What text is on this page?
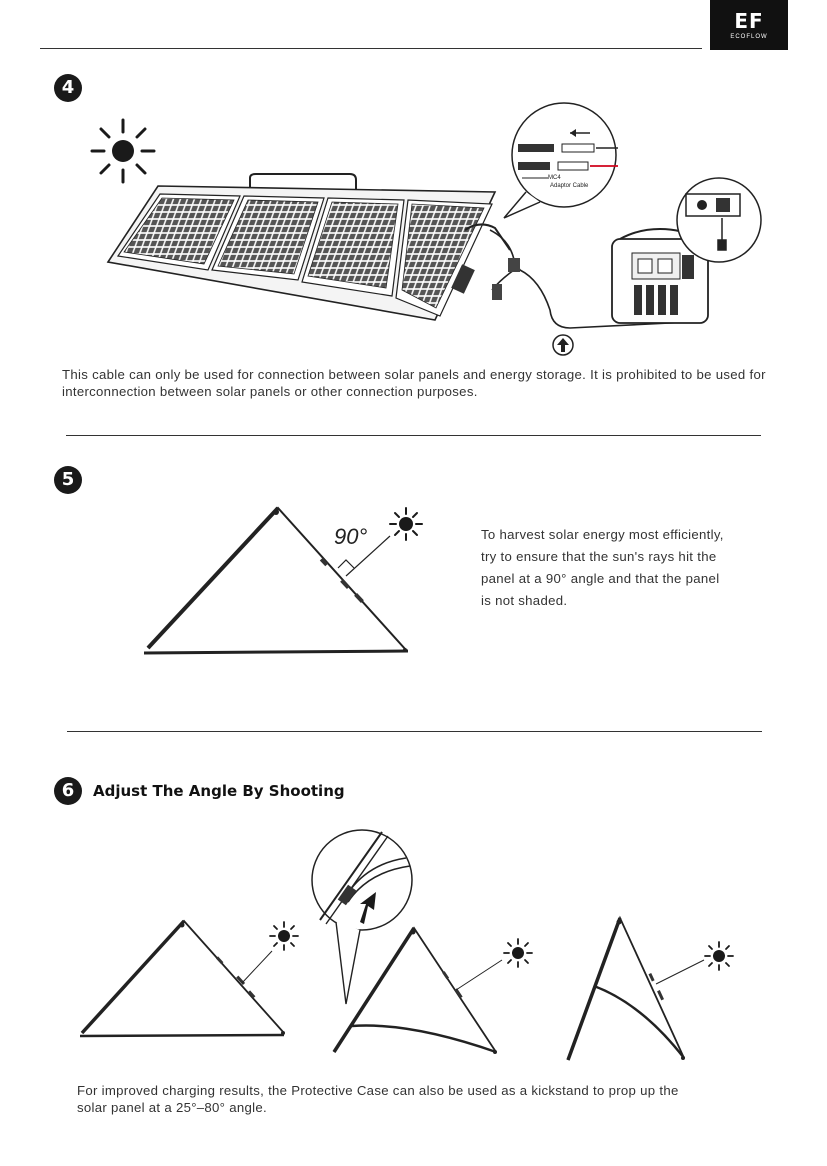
EF
ECOFLOW
4
MC4
Adaptor Cable
This cable can only be used for connection between solar panels and energy storage. It is prohibited to be used for interconnection between solar panels or other connection purposes.
5
90°	To harvest solar energy most efficiently,
try to ensure that the sun's rays hit the
panel at a 90° angle and that the panel
is not shaded.
6	Adjust The Angle By Shooting
For improved charging results, the Protective Case can also be used as a kickstand to prop up the
solar panel at a 25°–80° angle.
